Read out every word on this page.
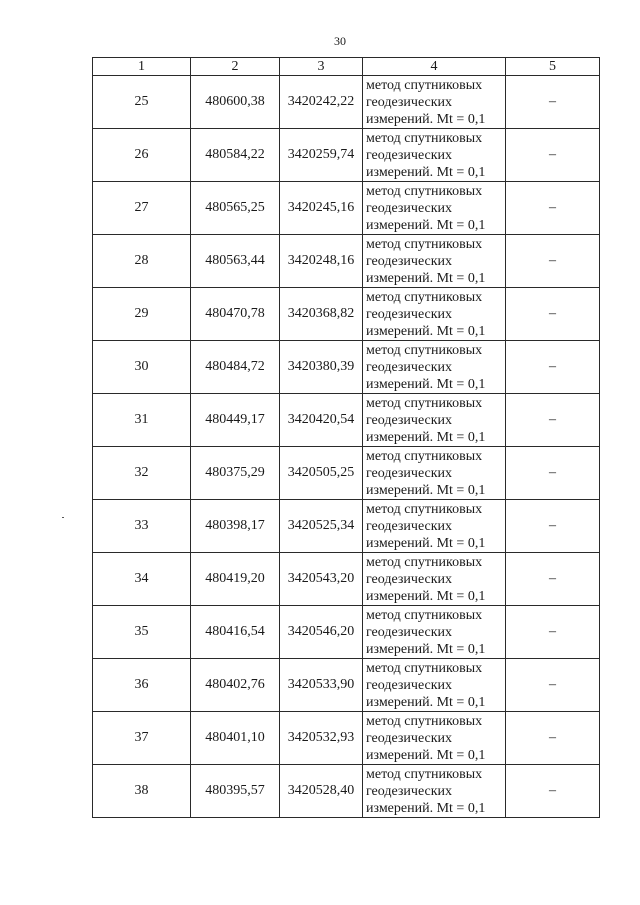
30
1	2	3	4	5
25	480600,38	3420242,22	метод спутниковых
геодезических
измерений. Mt = 0,1	–
26	480584,22	3420259,74	метод спутниковых
геодезических
измерений. Mt = 0,1	–
27	480565,25	3420245,16	метод спутниковых
геодезических
измерений. Mt = 0,1	–
28	480563,44	3420248,16	метод спутниковых
геодезических
измерений. Mt = 0,1	–
29	480470,78	3420368,82	метод спутниковых
геодезических
измерений. Mt = 0,1	–
30	480484,72	3420380,39	метод спутниковых
геодезических
измерений. Mt = 0,1	–
31	480449,17	3420420,54	метод спутниковых
геодезических
измерений. Mt = 0,1	–
32	480375,29	3420505,25	метод спутниковых
геодезических
измерений. Mt = 0,1	–
33	480398,17	3420525,34	метод спутниковых
геодезических
измерений. Mt = 0,1	–
34	480419,20	3420543,20	метод спутниковых
геодезических
измерений. Mt = 0,1	–
35	480416,54	3420546,20	метод спутниковых
геодезических
измерений. Mt = 0,1	–
36	480402,76	3420533,90	метод спутниковых
геодезических
измерений. Mt = 0,1	–
37	480401,10	3420532,93	метод спутниковых
геодезических
измерений. Mt = 0,1	–
38	480395,57	3420528,40	метод спутниковых
геодезических
измерений. Mt = 0,1	–
